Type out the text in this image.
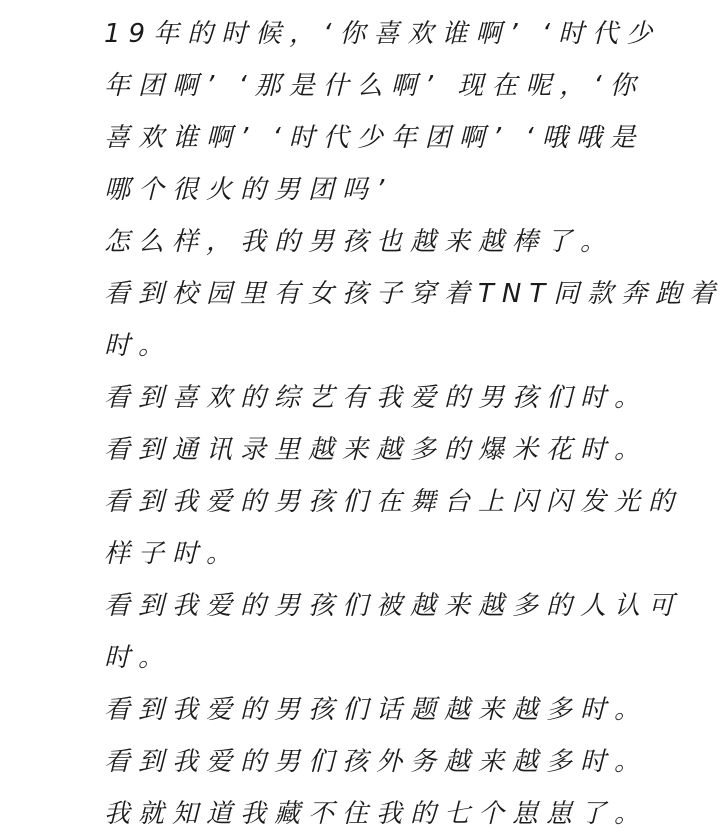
19年的时候，‘你喜欢谁啊’ ‘时代少
年团啊’ ‘那是什么啊’ 现在呢，‘你
喜欢谁啊’ ‘时代少年团啊’ ‘哦哦是
哪个很火的男团吗’
怎么样，我的男孩也越来越棒了。
看到校园里有女孩子穿着TNT同款奔跑着
时。
看到喜欢的综艺有我爱的男孩们时。
看到通讯录里越来越多的爆米花时。
看到我爱的男孩们在舞台上闪闪发光的
样子时。
看到我爱的男孩们被越来越多的人认可
时。
看到我爱的男孩们话题越来越多时。
看到我爱的男们孩外务越来越多时。
我就知道我藏不住我的七个崽崽了。
